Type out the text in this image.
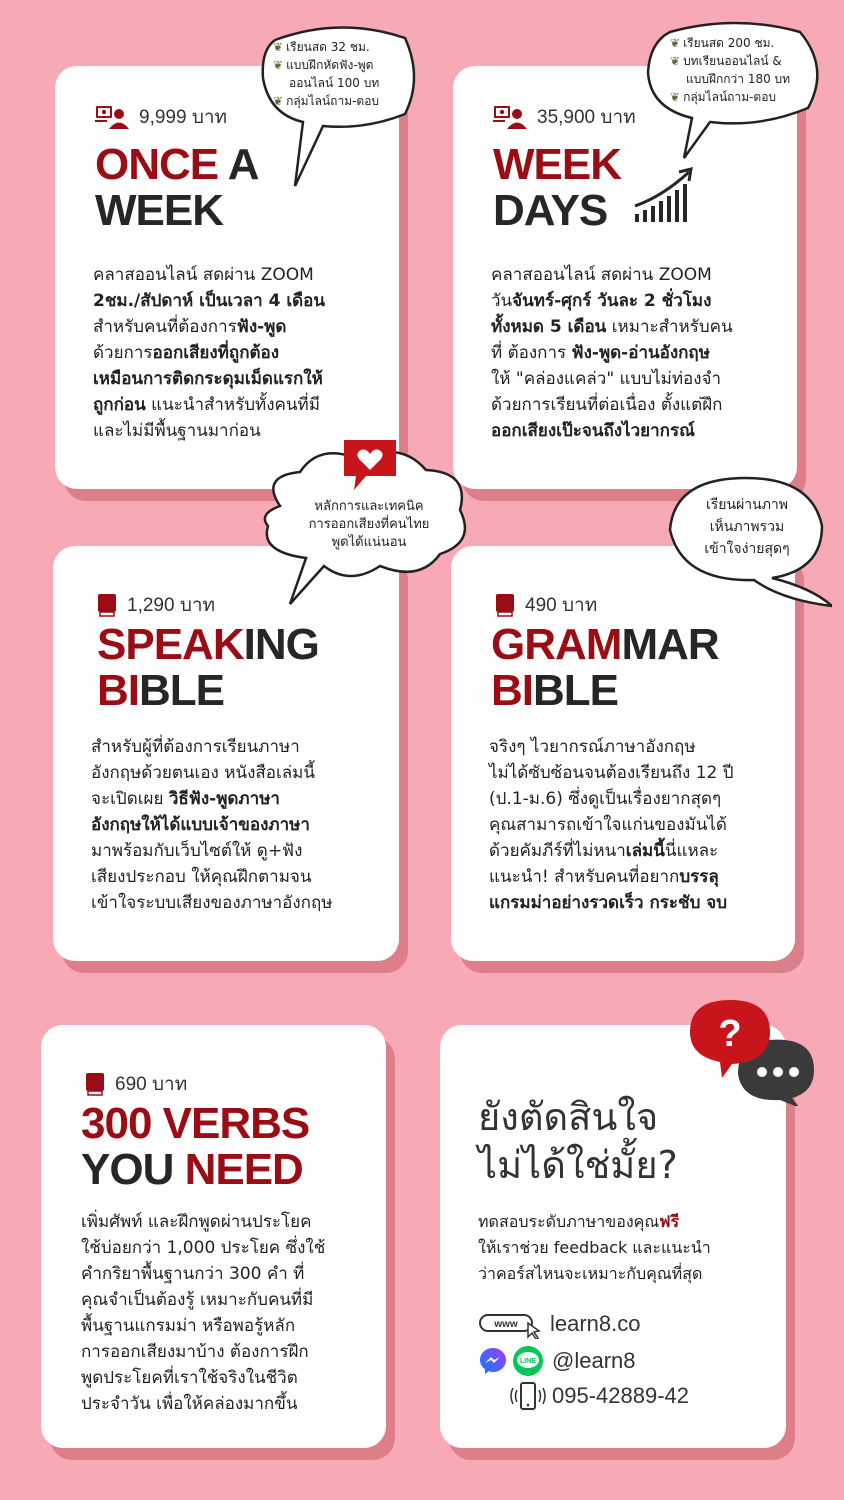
9,999 บาท
ONCE A
WEEK
คลาสออนไลน์ สดผ่าน ZOOM
2ชม./สัปดาห์ เป็นเวลา 4 เดือน
สำหรับคนที่ต้องการฟัง-พูด
ด้วยการออกเสียงที่ถูกต้อง
เหมือนการติดกระดุมเม็ดแรกให้
ถูกก่อน แนะนำสำหรับทั้งคนที่มี
และไม่มีพื้นฐานมาก่อน
❦ เรียนสด 32 ชม.
❦ แบบฝึกหัดฟัง-พูด
ออนไลน์ 100 บท
❦ กลุ่มไลน์ถาม-ตอบ
35,900 บาท
WEEK
DAYS
คลาสออนไลน์ สดผ่าน ZOOM
วันจันทร์-ศุกร์ วันละ 2 ชั่วโมง
ทั้งหมด 5 เดือน เหมาะสำหรับคน
ที่ ต้องการ ฟัง-พูด-อ่านอังกฤษ
ให้ "คล่องแคล่ว" แบบไม่ท่องจำ
ด้วยการเรียนที่ต่อเนื่อง ตั้งแต่ฝึก
ออกเสียงเป๊ะจนถึงไวยากรณ์
❦ เรียนสด 200 ชม.
❦ บทเรียนออนไลน์ &
แบบฝึกกว่า 180 บท
❦ กลุ่มไลน์ถาม-ตอบ
1,290 บาท
SPEAKING
BIBLE
สำหรับผู้ที่ต้องการเรียนภาษา
อังกฤษด้วยตนเอง หนังสือเล่มนี้
จะเปิดเผย วิธีฟัง-พูดภาษา
อังกฤษให้ได้แบบเจ้าของภาษา
มาพร้อมกับเว็บไซต์ให้ ดู+ฟัง
เสียงประกอบ ให้คุณฝึกตามจน
เข้าใจระบบเสียงของภาษาอังกฤษ
หลักการและเทคนิค
การออกเสียงที่คนไทย
พูดได้แน่นอน
490 บาท
GRAMMAR
BIBLE
จริงๆ ไวยากรณ์ภาษาอังกฤษ
ไม่ได้ซับซ้อนจนต้องเรียนถึง 12 ปี
(ป.1-ม.6) ซึ่งดูเป็นเรื่องยากสุดๆ
คุณสามารถเข้าใจแก่นของมันได้
ด้วยคัมภีร์ที่ไม่หนาเล่มนี้นี่แหละ
แนะนำ! สำหรับคนที่อยากบรรลุ
แกรมม่าอย่างรวดเร็ว กระชับ จบ
เรียนผ่านภาพ
เห็นภาพรวม
เข้าใจง่ายสุดๆ
690 บาท
300 VERBS
YOU NEED
เพิ่มศัพท์ และฝึกพูดผ่านประโยค
ใช้บ่อยกว่า 1,000 ประโยค ซึ่งใช้
คำกริยาพื้นฐานกว่า 300 คำ ที่
คุณจำเป็นต้องรู้ เหมาะกับคนที่มี
พื้นฐานแกรมม่า หรือพอรู้หลัก
การออกเสียงมาบ้าง ต้องการฝึก
พูดประโยคที่เราใช้จริงในชีวิต
ประจำวัน เพื่อให้คล่องมากขึ้น
ยังตัดสินใจ
ไม่ได้ใช่มั้ย?
ทดสอบระดับภาษาของคุณฟรี
ให้เราช่วย feedback และแนะนำ
ว่าคอร์สไหนจะเหมาะกับคุณที่สุด
www learn8.co
LINE @learn8
095-42889-42
?
